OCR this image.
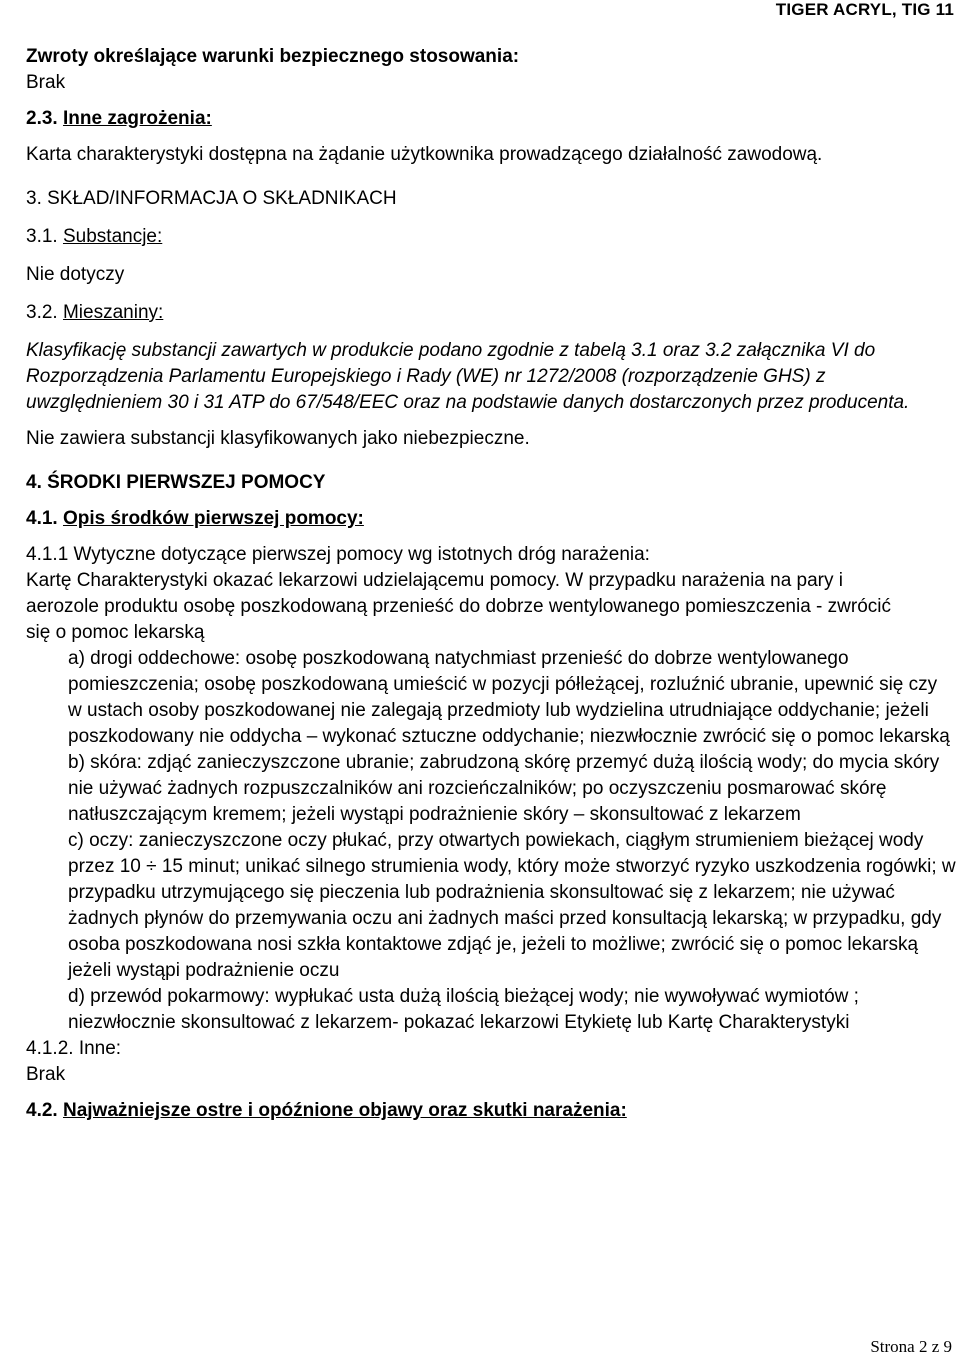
TIGER ACRYL, TIG 11

Zwroty określające warunki bezpiecznego stosowania:

Brak

2.3. Inne zagrożenia:

Karta charakterystyki dostępna na żądanie użytkownika prowadzącego działalność zawodową.

3. SKŁAD/INFORMACJA O SKŁADNIKACH

3.1. Substancje:

Nie dotyczy

3.2. Mieszaniny:

Klasyfikację substancji zawartych w produkcie podano zgodnie z tabelą 3.1 oraz 3.2 załącznika VI do Rozporządzenia Parlamentu Europejskiego i Rady (WE) nr 1272/2008 (rozporządzenie GHS) z uwzględnieniem 30 i 31 ATP do 67/548/EEC oraz na podstawie danych dostarczonych przez producenta.

Nie zawiera substancji klasyfikowanych jako niebezpieczne.

4. ŚRODKI PIERWSZEJ POMOCY

4.1. Opis środków pierwszej pomocy:

4.1.1 Wytyczne dotyczące pierwszej pomocy wg istotnych dróg narażenia:

Kartę Charakterystyki okazać lekarzowi udzielającemu pomocy. W przypadku narażenia na pary i aerozole produktu osobę poszkodowaną przenieść do dobrze wentylowanego pomieszczenia - zwrócić się o pomoc lekarską

a) drogi oddechowe: osobę poszkodowaną natychmiast przenieść do dobrze wentylowanego pomieszczenia; osobę poszkodowaną umieścić w pozycji półleżącej, rozluźnić ubranie, upewnić się czy w ustach osoby poszkodowanej nie zalegają przedmioty lub wydzielina utrudniające oddychanie; jeżeli poszkodowany nie oddycha – wykonać sztuczne oddychanie; niezwłocznie zwrócić się o pomoc lekarską

b) skóra: zdjąć zanieczyszczone ubranie; zabrudzoną skórę przemyć dużą ilością wody; do mycia skóry nie używać żadnych rozpuszczalników ani rozcieńczalników; po oczyszczeniu posmarować skórę natłuszczającym kremem; jeżeli wystąpi podrażnienie skóry – skonsultować z lekarzem

c) oczy: zanieczyszczone oczy płukać, przy otwartych powiekach, ciągłym strumieniem bieżącej wody przez 10 ÷ 15 minut; unikać silnego strumienia wody, który może stworzyć ryzyko uszkodzenia rogówki; w przypadku utrzymującego się pieczenia lub podrażnienia skonsultować się z lekarzem; nie używać żadnych płynów do przemywania oczu ani żadnych maści przed konsultacją lekarską; w przypadku, gdy osoba poszkodowana nosi szkła kontaktowe zdjąć je, jeżeli to możliwe; zwrócić się o pomoc lekarską jeżeli wystąpi podrażnienie oczu

d) przewód pokarmowy: wypłukać usta dużą ilością bieżącej wody; nie wywoływać wymiotów ; niezwłocznie skonsultować z lekarzem- pokazać lekarzowi Etykietę lub Kartę Charakterystyki

4.1.2. Inne:

Brak

4.2. Najważniejsze ostre i opóźnione objawy oraz skutki narażenia:

Strona 2 z 9
